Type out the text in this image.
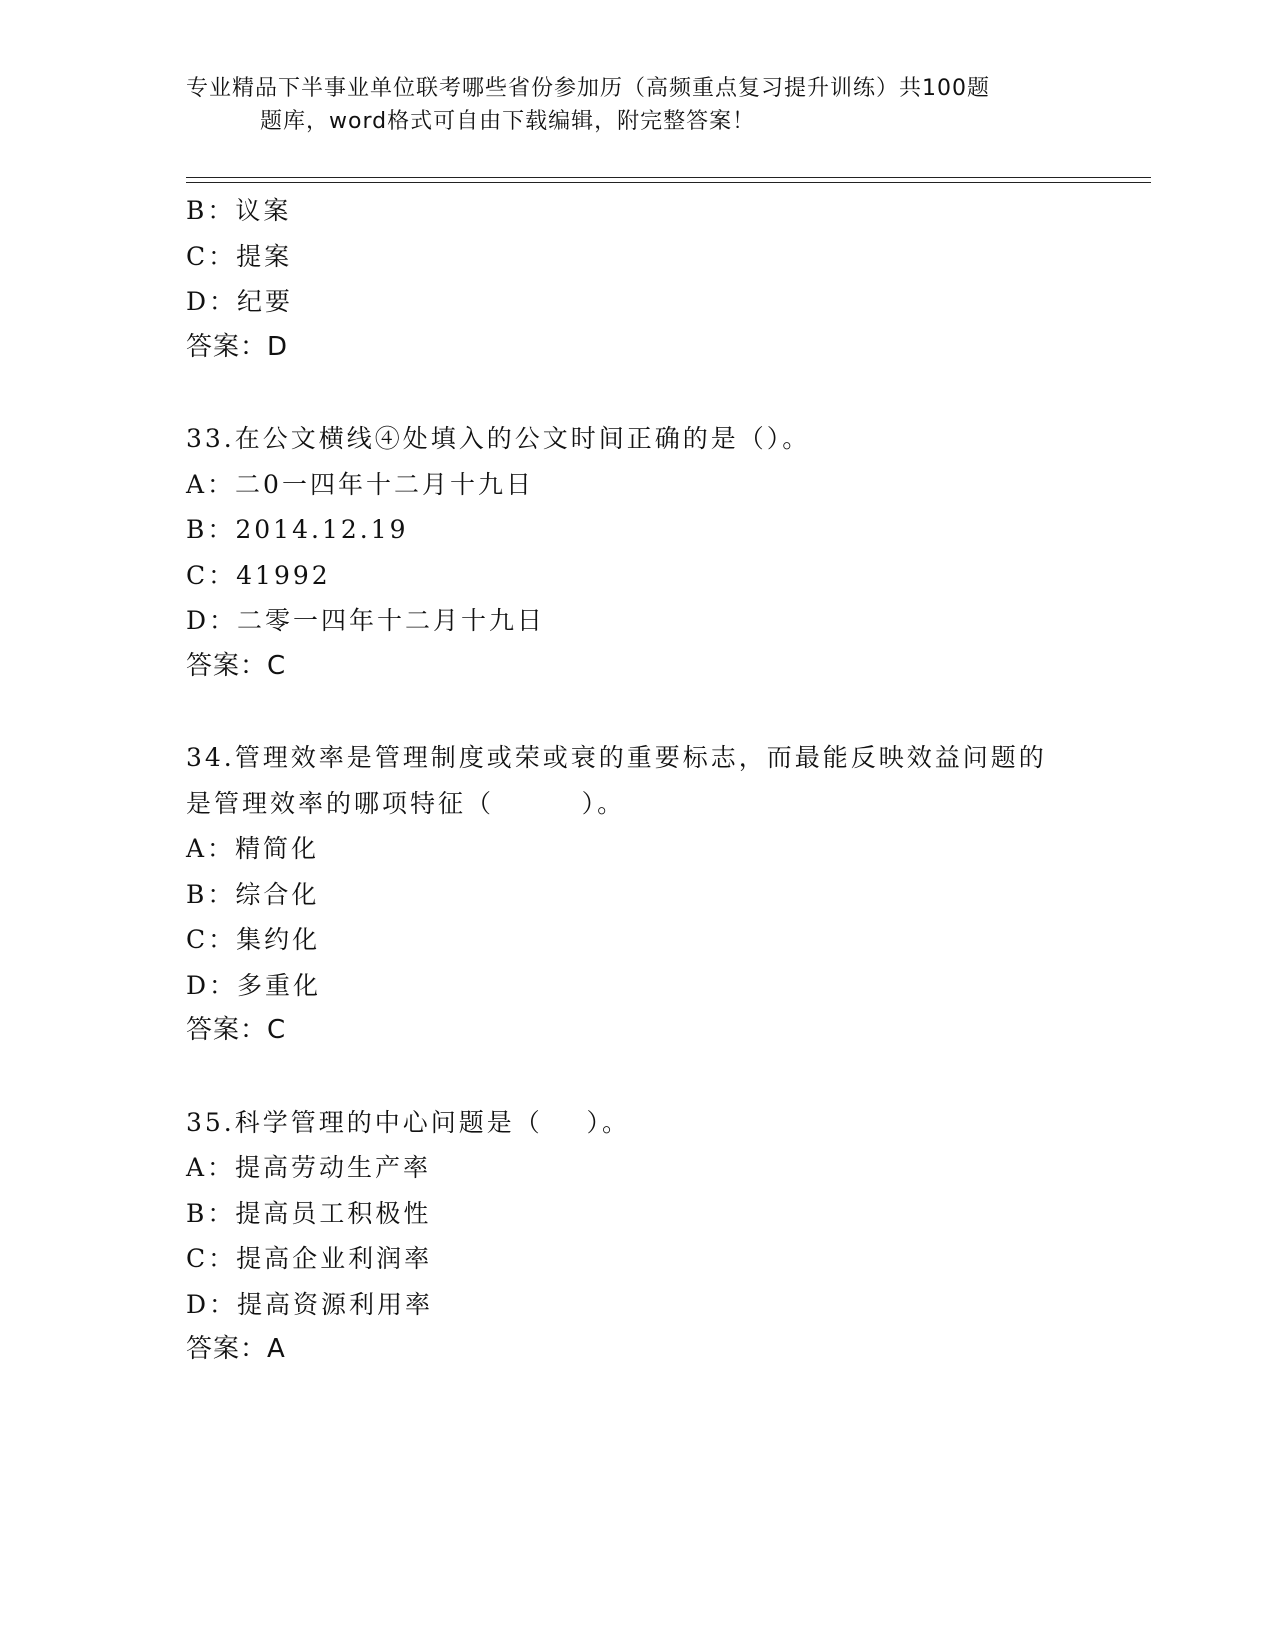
专业精品下半事业单位联考哪些省份参加历（高频重点复习提升训练）共100题
题库，word格式可自由下载编辑，附完整答案！
B：议案
C：提案
D：纪要
答案：D
33.在公文横线④处填入的公文时间正确的是（）。
A：二0一四年十二月十九日
B：2014.12.19
C：41992
D：二零一四年十二月十九日
答案：C
34.管理效率是管理制度或荣或衰的重要标志，而最能反映效益问题的
是管理效率的哪项特征（        ）。
A：精简化
B：综合化
C：集约化
D：多重化
答案：C
35.科学管理的中心问题是（    ）。
A：提高劳动生产率
B：提高员工积极性
C：提高企业利润率
D：提高资源利用率
答案：A
